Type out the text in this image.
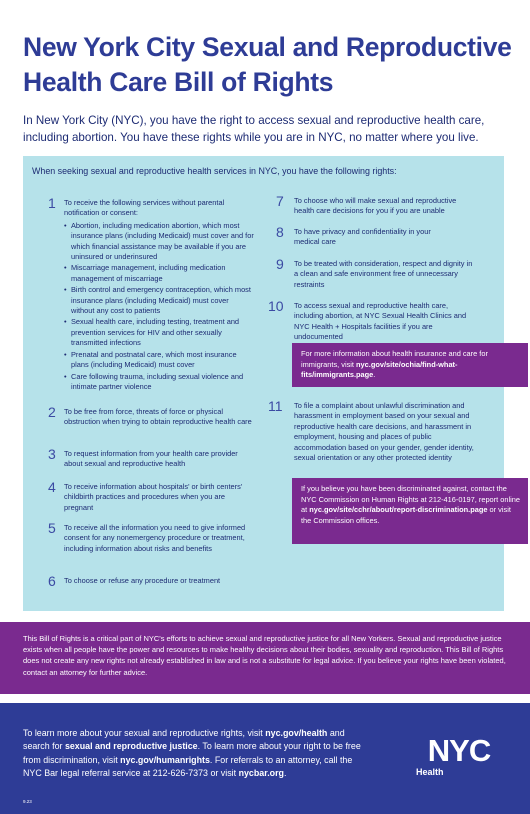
New York City Sexual and Reproductive Health Care Bill of Rights
In New York City (NYC), you have the right to access sexual and reproductive health care, including abortion. You have these rights while you are in NYC, no matter where you live.
When seeking sexual and reproductive health services in NYC, you have the following rights:
1	To receive the following services without parental notification or consent:
• Abortion, including medication abortion, which most insurance plans (including Medicaid) must cover and for which financial assistance may be available if you are uninsured or underinsured
• Miscarriage management, including medication management of miscarriage
• Birth control and emergency contraception, which most insurance plans (including Medicaid) must cover without any cost to patients
• Sexual health care, including testing, treatment and prevention services for HIV and other sexually transmitted infections
• Prenatal and postnatal care, which most insurance plans (including Medicaid) must cover
• Care following trauma, including sexual violence and intimate partner violence
2	To be free from force, threats of force or physical obstruction when trying to obtain reproductive health care
3	To request information from your health care provider about sexual and reproductive health
4	To receive information about hospitals' or birth centers' childbirth practices and procedures when you are pregnant
5	To receive all the information you need to give informed consent for any nonemergency procedure or treatment, including information about risks and benefits
6	To choose or refuse any procedure or treatment
7	To choose who will make sexual and reproductive health care decisions for you if you are unable
8	To have privacy and confidentiality in your medical care
9	To be treated with consideration, respect and dignity in a clean and safe environment free of unnecessary restraints
10	To access sexual and reproductive health care, including abortion, at NYC Sexual Health Clinics and NYC Health + Hospitals facilities if you are undocumented
For more information about health insurance and care for immigrants, visit nyc.gov/site/ochia/find-what-fits/immigrants.page.
11	To file a complaint about unlawful discrimination and harassment in employment based on your sexual and reproductive health care decisions, and harassment in employment, housing and places of public accommodation based on your gender, gender identity, sexual orientation or any other protected identity
If you believe you have been discriminated against, contact the NYC Commission on Human Rights at 212-416-0197, report online at nyc.gov/site/cchr/about/report-discrimination.page or visit the Commission offices.
This Bill of Rights is a critical part of NYC's efforts to achieve sexual and reproductive justice for all New Yorkers. Sexual and reproductive justice exists when all people have the power and resources to make healthy decisions about their bodies, sexuality and reproduction. This Bill of Rights does not create any new rights not already established in law and is not a substitute for legal advice. If you believe your rights have been violated, contact an attorney for further advice.
To learn more about your sexual and reproductive rights, visit nyc.gov/health and search for sexual and reproductive justice. To learn more about your right to be free from discrimination, visit nyc.gov/humanrights. For referrals to an attorney, call the NYC Bar legal referral service at 212-626-7373 or visit nycbar.org.
NYC
Health
9.23
